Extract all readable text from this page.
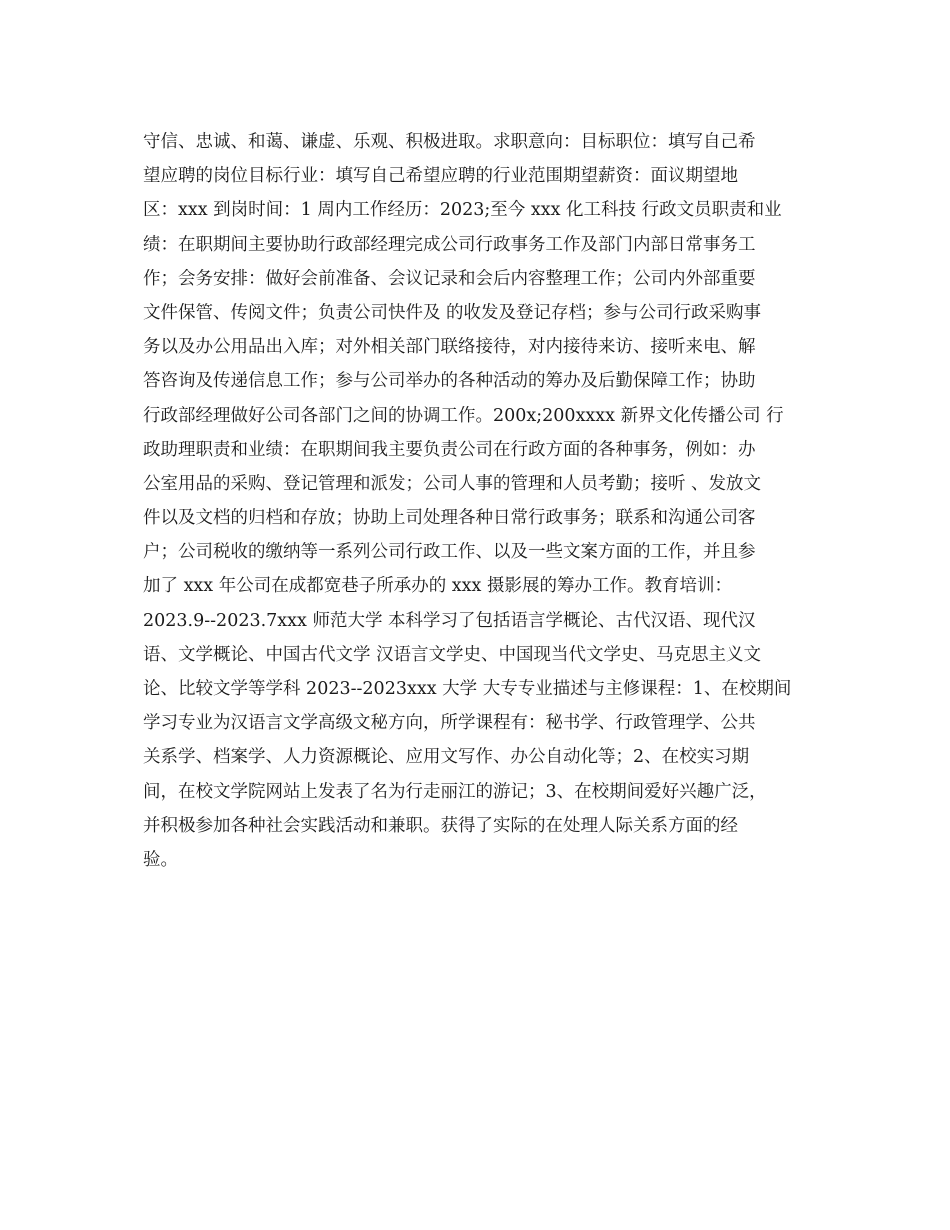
守信、忠诚、和蔼、谦虚、乐观、积极进取。求职意向：目标职位：填写自己希
望应聘的岗位目标行业：填写自己希望应聘的行业范围期望薪资：面议期望地
区：xxx 到岗时间：1 周内工作经历：2023;至今 xxx 化工科技 行政文员职责和业
绩：在职期间主要协助行政部经理完成公司行政事务工作及部门内部日常事务工
作；会务安排：做好会前准备、会议记录和会后内容整理工作；公司内外部重要
文件保管、传阅文件；负责公司快件及 的收发及登记存档；参与公司行政采购事
务以及办公用品出入库；对外相关部门联络接待，对内接待来访、接听来电、解
答咨询及传递信息工作；参与公司举办的各种活动的筹办及后勤保障工作；协助
行政部经理做好公司各部门之间的协调工作。200x;200xxxx 新界文化传播公司 行
政助理职责和业绩：在职期间我主要负责公司在行政方面的各种事务，例如：办
公室用品的采购、登记管理和派发；公司人事的管理和人员考勤；接听 、发放文
件以及文档的归档和存放；协助上司处理各种日常行政事务；联系和沟通公司客
户；公司税收的缴纳等一系列公司行政工作、以及一些文案方面的工作，并且参
加了 xxx 年公司在成都宽巷子所承办的 xxx 摄影展的筹办工作。教育培训：
2023.9--2023.7xxx 师范大学 本科学习了包括语言学概论、古代汉语、现代汉
语、文学概论、中国古代文学 汉语言文学史、中国现当代文学史、马克思主义文
论、比较文学等学科 2023--2023xxx 大学 大专专业描述与主修课程：1、在校期间
学习专业为汉语言文学高级文秘方向，所学课程有：秘书学、行政管理学、公共
关系学、档案学、人力资源概论、应用文写作、办公自动化等；2、在校实习期
间，在校文学院网站上发表了名为行走丽江的游记；3、在校期间爱好兴趣广泛，
并积极参加各种社会实践活动和兼职。获得了实际的在处理人际关系方面的经
验。
